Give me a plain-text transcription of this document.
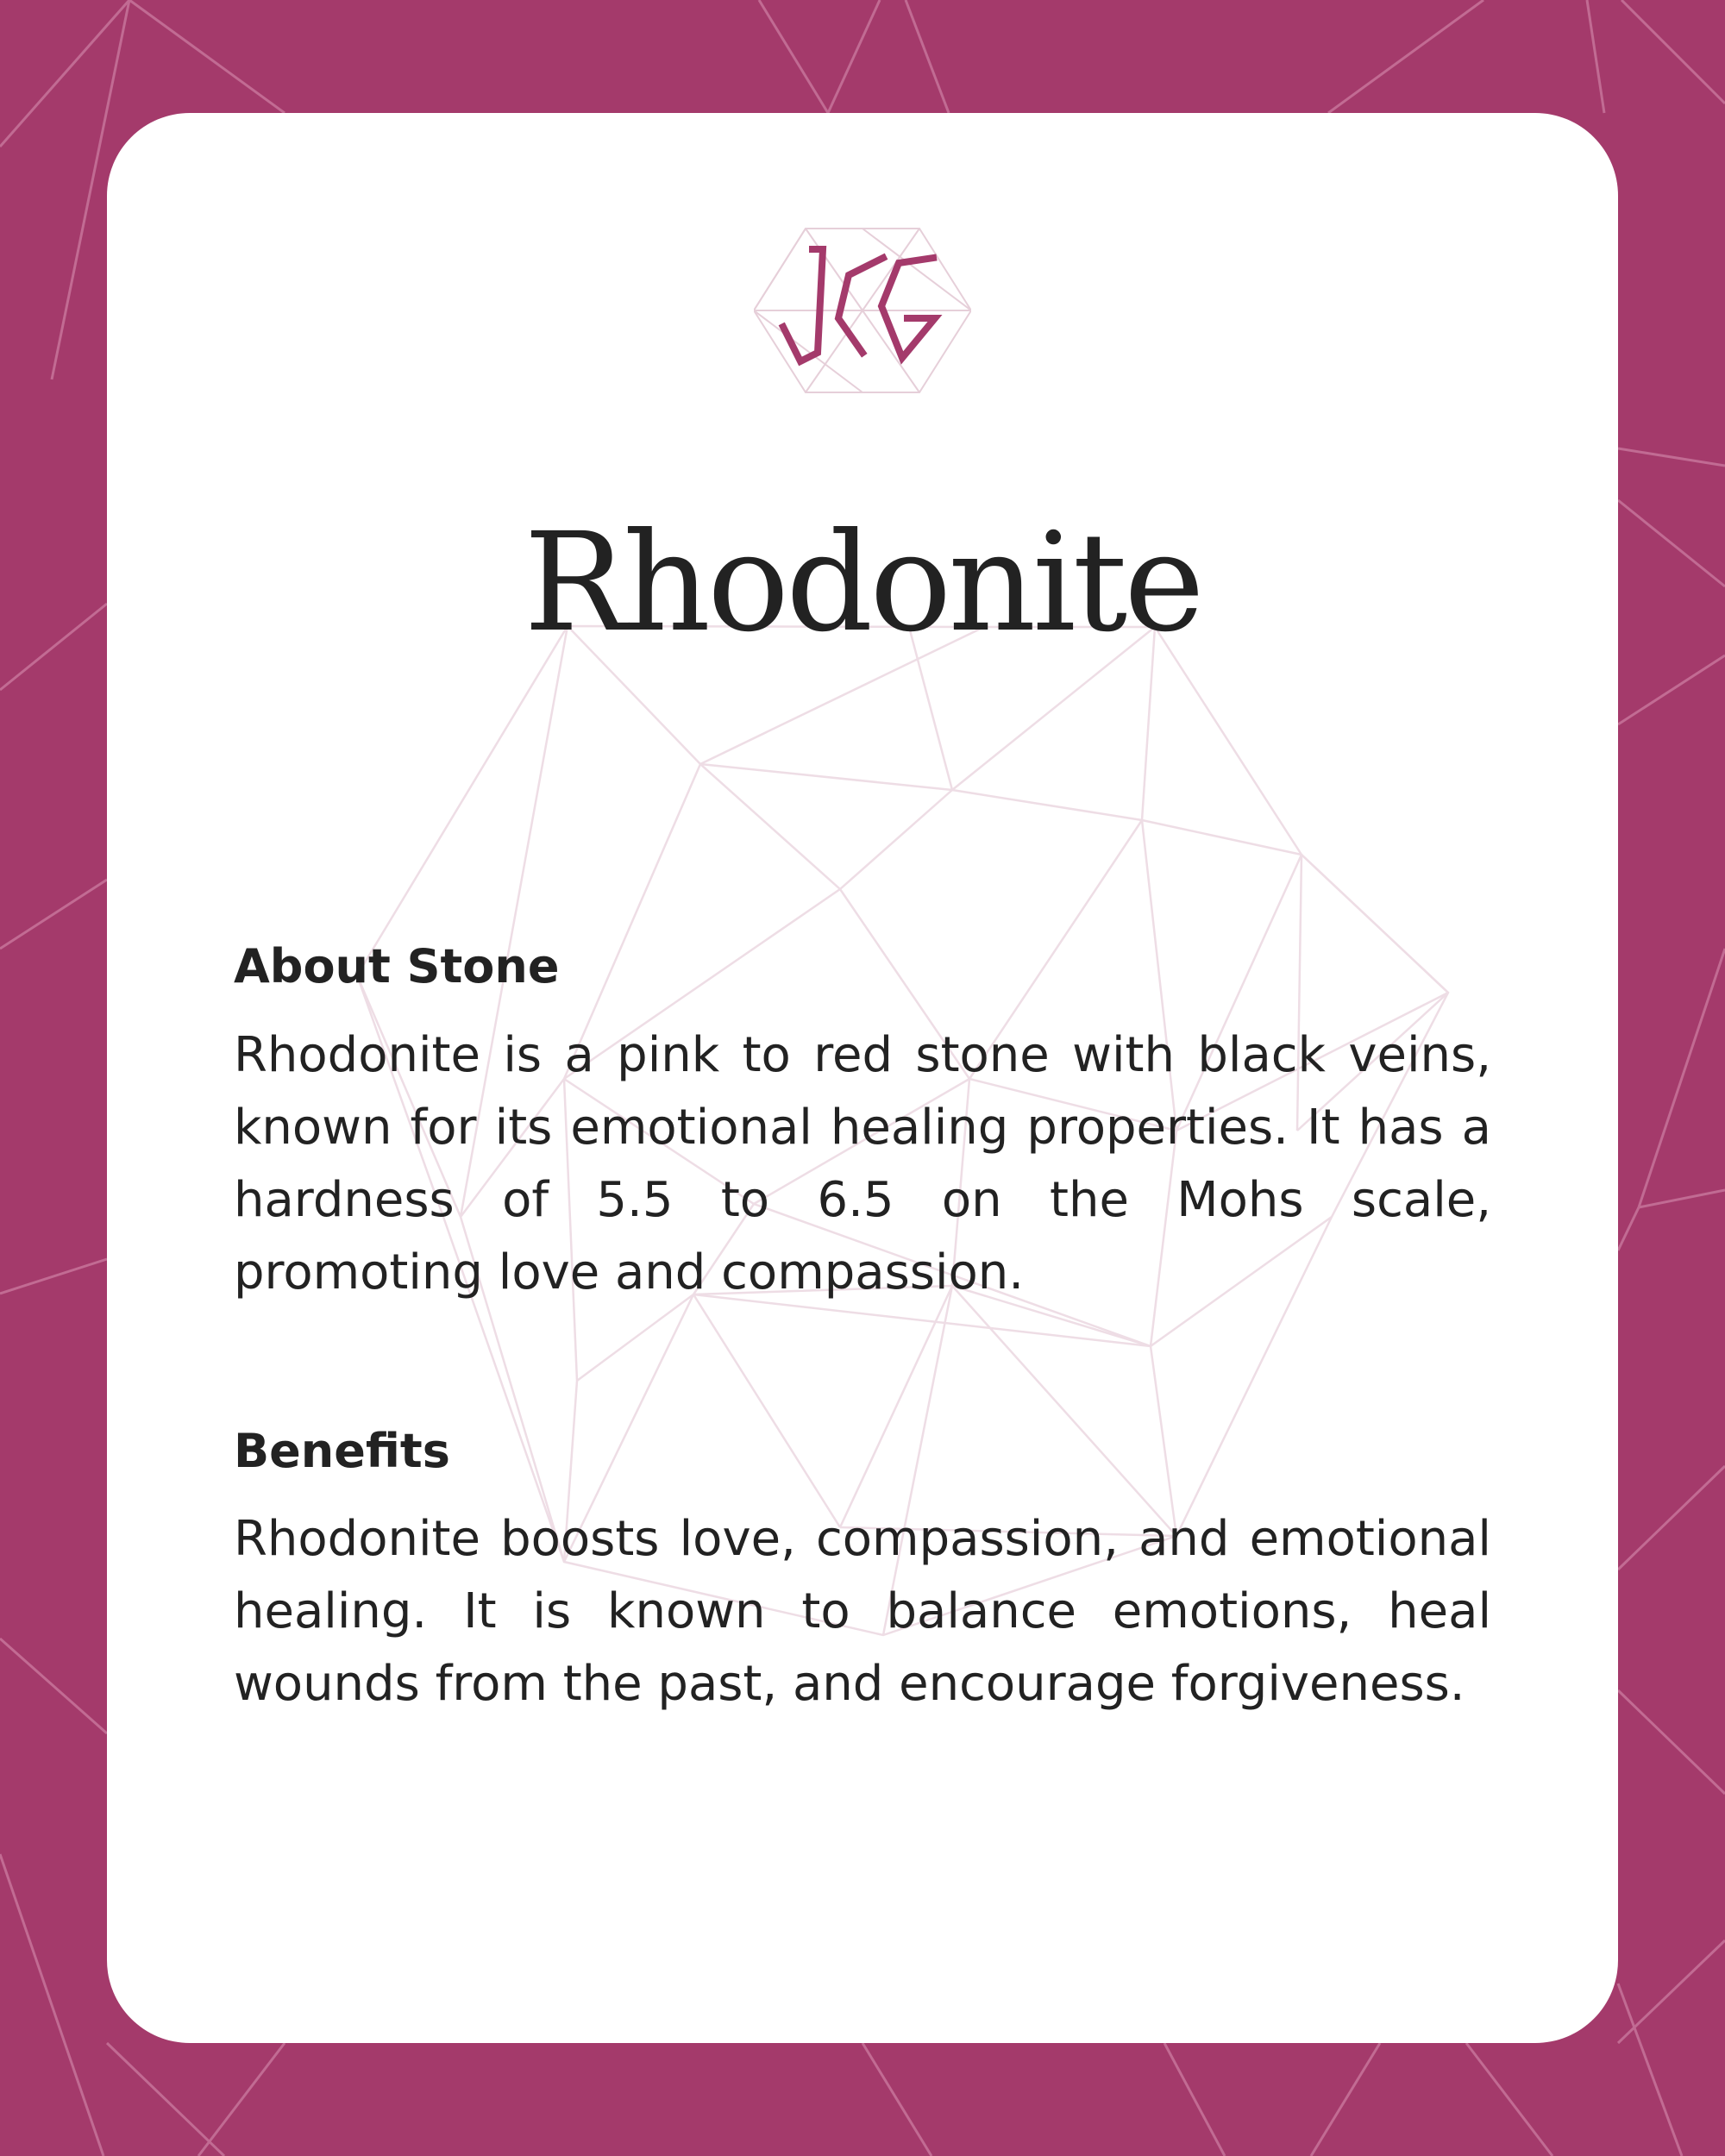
Rhodonite
About Stone
Rhodonite is a pink to red stone with black veins, known for its emotional healing properties. It has a hardness of 5.5 to 6.5 on the Mohs scale, promoting love and compassion.
Benefits
Rhodonite boosts love, compassion, and emotional healing. It is known to balance emotions, heal wounds from the past, and encourage forgiveness.
